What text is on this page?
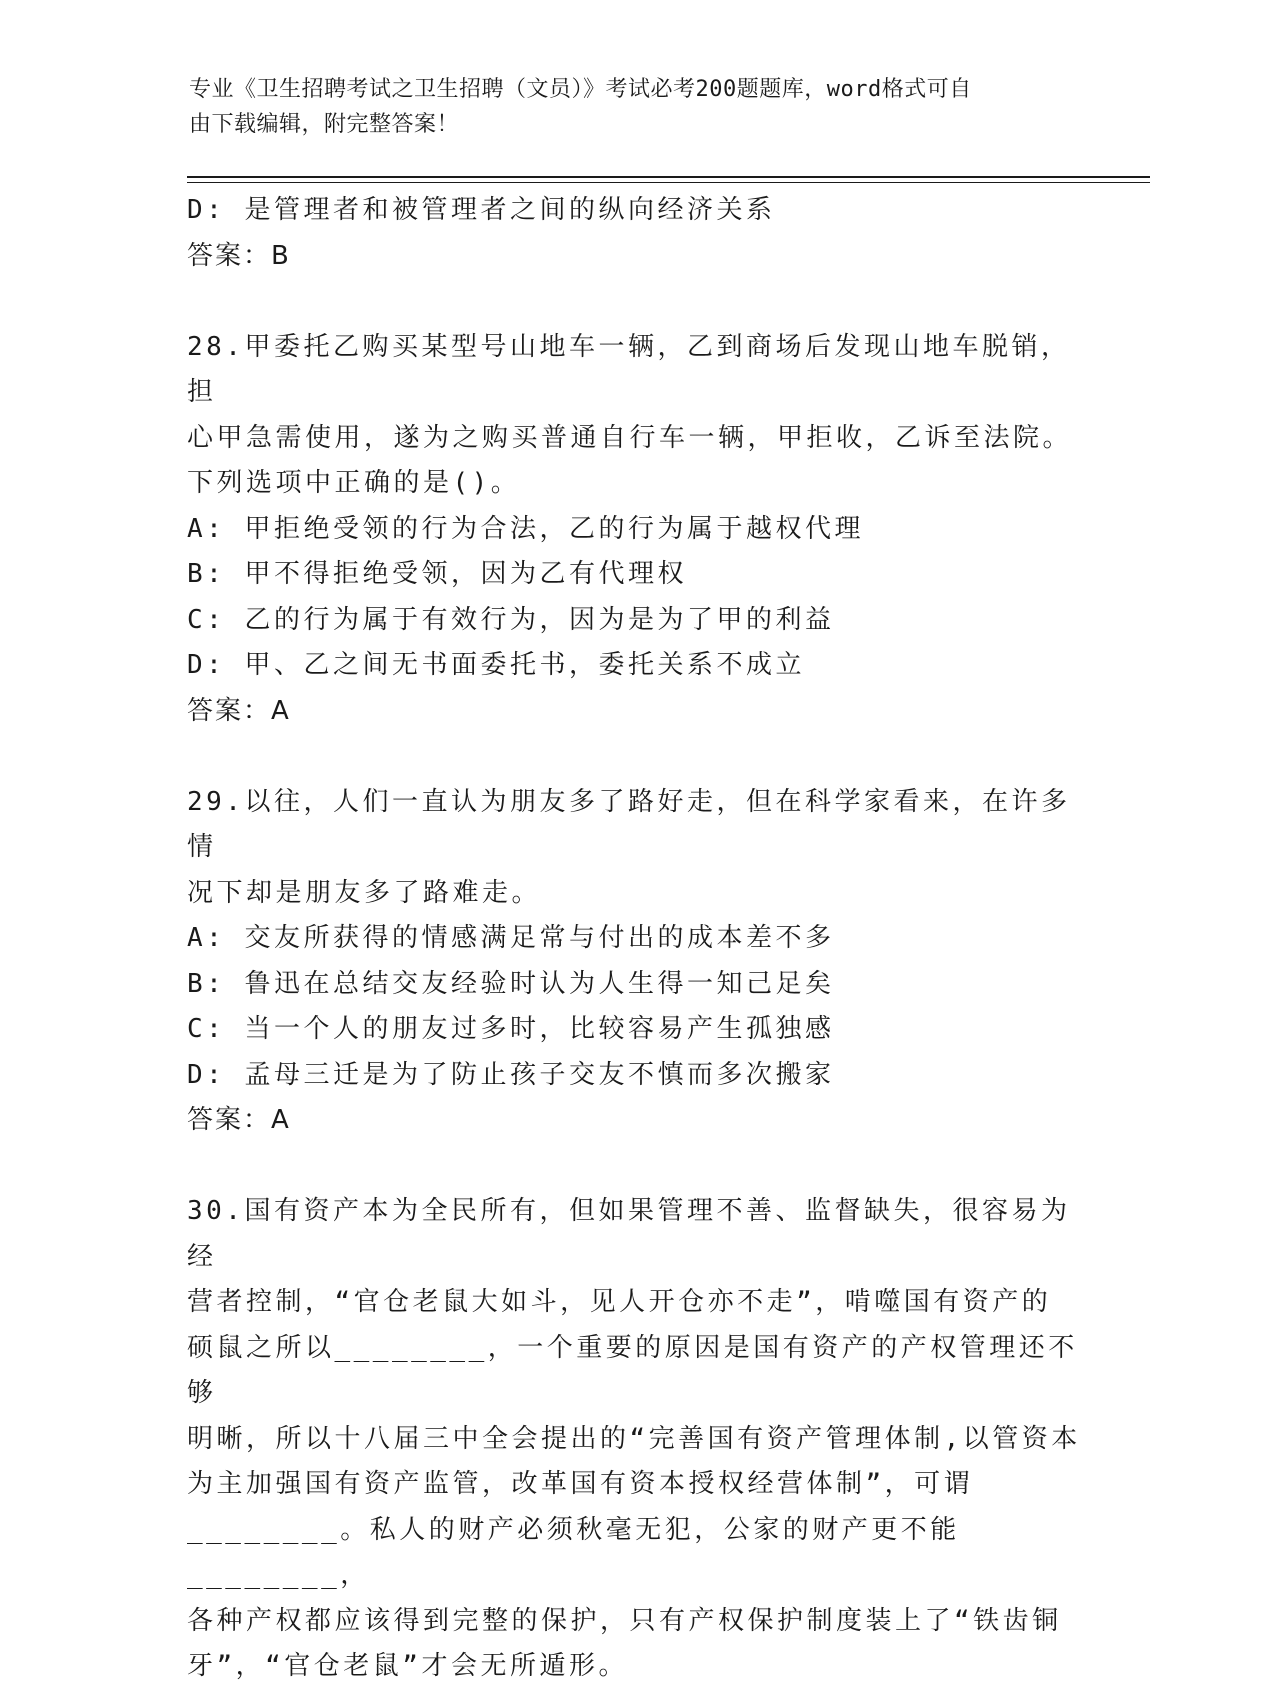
专业《卫生招聘考试之卫生招聘（文员）》考试必考200题题库，word格式可自
由下载编辑，附完整答案！
D: 是管理者和被管理者之间的纵向经济关系
答案：B
28.甲委托乙购买某型号山地车一辆，乙到商场后发现山地车脱销，担
心甲急需使用，遂为之购买普通自行车一辆，甲拒收，乙诉至法院。
下列选项中正确的是()。
A: 甲拒绝受领的行为合法，乙的行为属于越权代理
B: 甲不得拒绝受领，因为乙有代理权
C: 乙的行为属于有效行为，因为是为了甲的利益
D: 甲、乙之间无书面委托书，委托关系不成立
答案：A
29.以往，人们一直认为朋友多了路好走，但在科学家看来，在许多情
况下却是朋友多了路难走。
A: 交友所获得的情感满足常与付出的成本差不多
B: 鲁迅在总结交友经验时认为人生得一知己足矣
C: 当一个人的朋友过多时，比较容易产生孤独感
D: 孟母三迁是为了防止孩子交友不慎而多次搬家
答案：A
30.国有资产本为全民所有，但如果管理不善、监督缺失，很容易为经
营者控制，“官仓老鼠大如斗，见人开仓亦不走”，啃噬国有资产的
硕鼠之所以________，一个重要的原因是国有资产的产权管理还不够
明晰，所以十八届三中全会提出的“完善国有资产管理体制,以管资本
为主加强国有资产监管，改革国有资本授权经营体制”，可谓
________。私人的财产必须秋毫无犯，公家的财产更不能________，
各种产权都应该得到完整的保护，只有产权保护制度装上了“铁齿铜
牙”，“官仓老鼠”才会无所遁形。
